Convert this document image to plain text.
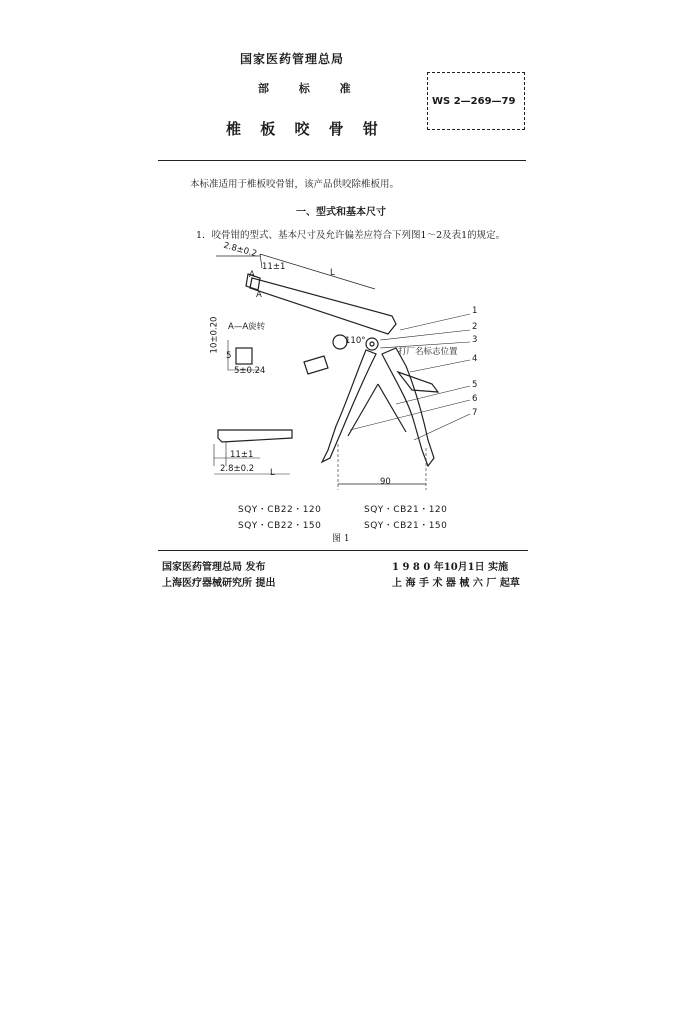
国家医药管理总局
部 标 准
椎 板 咬 骨 钳
WS 2—269—79
本标准适用于椎板咬骨钳，该产品供咬除椎板用。
一、型式和基本尺寸
1．咬骨钳的型式、基本尺寸及允许偏差应符合下列图1～2及表1的规定。
2.8±0.2
11±1
L
A
A
A—A旋转
10±0.20
5
5±0.24
110°
90
11±1
2.8±0.2 L
打厂名标志位置
1
2
3
4
5
6
7
SQY・CB22・120	SQY・CB21・120
SQY・CB22・150	SQY・CB21・150
图 1
国家医药管理总局 发布
上海医疗器械研究所 提出
1 9 8 0 年10月1日 实施
上 海 手 术 器 械 六 厂 起草
